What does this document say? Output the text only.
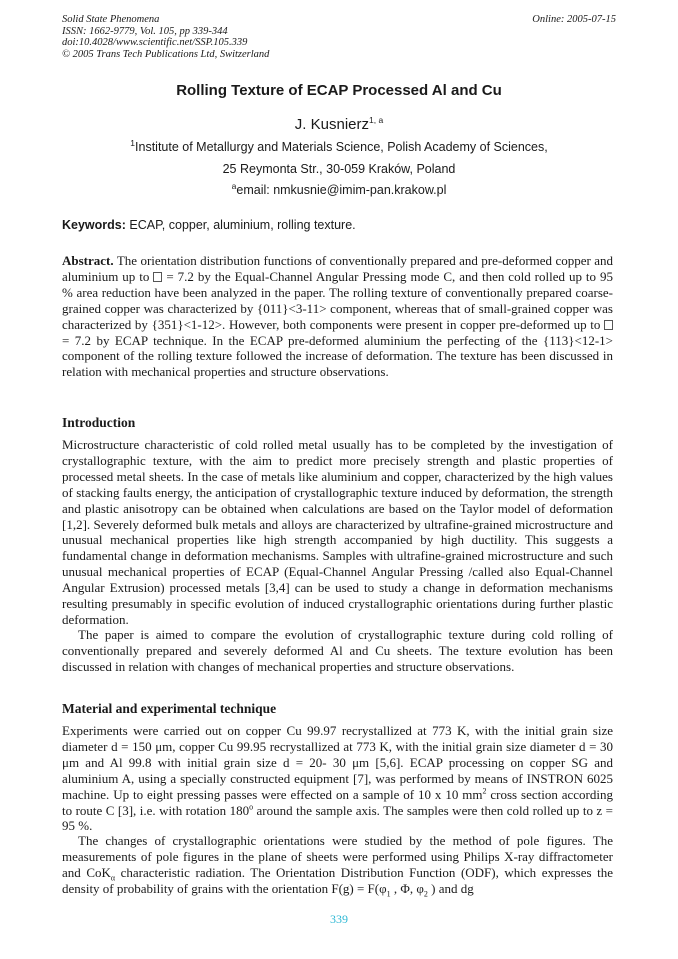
Solid State Phenomena
ISSN: 1662-9779, Vol. 105, pp 339-344
doi:10.4028/www.scientific.net/SSP.105.339
© 2005 Trans Tech Publications Ltd, Switzerland
Online: 2005-07-15
Rolling Texture of ECAP Processed Al and Cu
J. Kusnierz$^{1, a}$
$^1$Institute of Metallurgy and Materials Science, Polish Academy of Sciences,
25 Reymonta Str., 30-059 Kraków, Poland
$^a$email: nmkusnie@imim-pan.krakow.pl
Keywords: ECAP, copper, aluminium, rolling texture.

Abstract. The orientation distribution functions of conventionally prepared and pre-deformed copper and aluminium up to  = 7.2 by the Equal-Channel Angular Pressing mode C, and then cold rolled up to 95 % area reduction have been analyzed in the paper. The rolling texture of conventionally prepared coarse-grained copper was characterized by {011}<3-11> component, whereas that of small-grained copper was characterized by {351}<1-12>. However, both components were present in copper pre-deformed up to  = 7.2 by ECAP technique. In the ECAP pre-deformed aluminium the perfecting of the {113}<12-1> component of the rolling texture followed the increase of deformation. The texture has been discussed in relation with mechanical properties and structure observations.

Introduction

Microstructure characteristic of cold rolled metal usually has to be completed by the investigation of crystallographic texture, with the aim to predict more precisely strength and plastic properties of processed metal sheets. In the case of metals like aluminium and copper, characterized by the high values of stacking faults energy, the anticipation of crystallographic texture induced by deformation, the strength and plastic anisotropy can be obtained when calculations are based on the Taylor model of deformation [1,2]. Severely deformed bulk metals and alloys are characterized by ultrafine-grained microstructure and unusual mechanical properties like high strength accompanied by high ductility. This suggests a fundamental change in deformation mechanisms. Samples with ultrafine-grained microstructure and such unusual mechanical properties of ECAP (Equal-Channel Angular Pressing /called also Equal-Channel Angular Extrusion) processed metals [3,4] can be used to study a change in deformation mechanisms resulting presumably in specific evolution of induced crystallographic orientations during further plastic deformation.

The paper is aimed to compare the evolution of crystallographic texture during cold rolling of conventionally prepared and severely deformed Al and Cu sheets. The texture evolution has been discussed in relation with changes of mechanical properties and structure observations.

Material and experimental technique

Experiments were carried out on copper Cu 99.97 recrystallized at 773 K, with the initial grain size diameter d = 150 μm, copper Cu 99.95 recrystallized at 773 K, with the initial grain size diameter d = 30 μm and Al 99.8 with initial grain size d = 20- 30 μm [5,6]. ECAP processing on copper SG and aluminium A, using a specially constructed equipment [7], was performed by means of INSTRON 6025 machine. Up to eight pressing passes were effected on a sample of 10 x 10 $mm^2$ cross section according to route C [3], i.e. with rotation 180$^o$ around the sample axis. The samples were then cold rolled up to z = 95 %.

The changes of crystallographic orientations were studied by the method of pole figures. The measurements of pole figures in the plane of sheets were performed using Philips X-ray diffractometer and CoK$_\alpha$ characteristic radiation. The Orientation Distribution Function (ODF), which expresses the density of probability of grains with the orientation $F(g) = F(\varphi_1$ , Φ, $\varphi_2$ ) and dg

339
